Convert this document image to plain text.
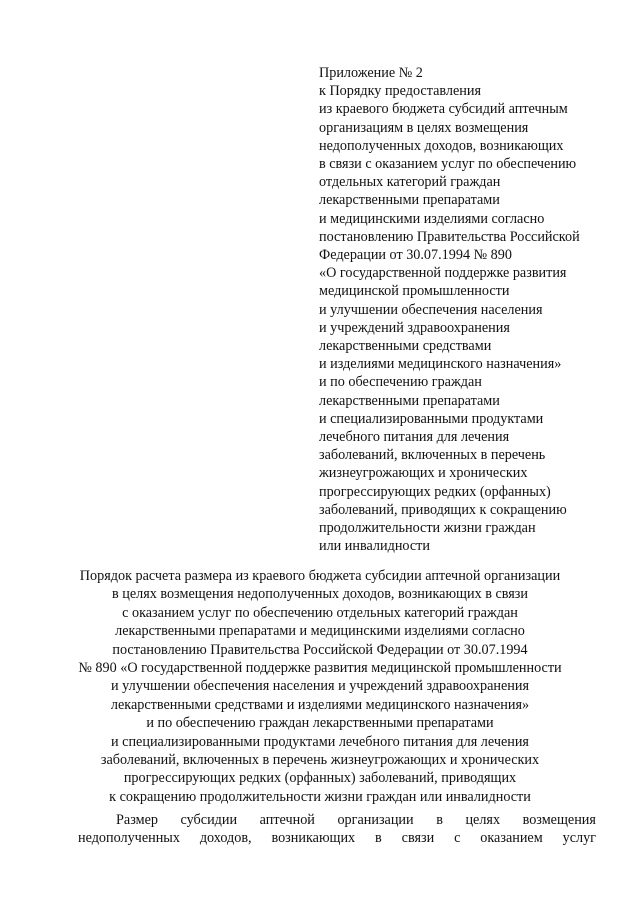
Приложение № 2
к Порядку предоставления
из краевого бюджета субсидий аптечным
организациям в целях возмещения
недополученных доходов, возникающих
в связи с оказанием услуг по обеспечению
отдельных категорий граждан
лекарственными препаратами
и медицинскими изделиями согласно
постановлению Правительства Российской
Федерации от 30.07.1994 № 890
«О государственной поддержке развития
медицинской промышленности
и улучшении обеспечения населения
и учреждений здравоохранения
лекарственными средствами
и изделиями медицинского назначения»
и по обеспечению граждан
лекарственными препаратами
и специализированными продуктами
лечебного питания для лечения
заболеваний, включенных в перечень
жизнеугрожающих и хронических
прогрессирующих редких (орфанных)
заболеваний, приводящих к сокращению
продолжительности жизни граждан
или инвалидности
Порядок расчета размера из краевого бюджета субсидии аптечной организации
в целях возмещения недополученных доходов, возникающих в связи
с оказанием услуг по обеспечению отдельных категорий граждан
лекарственными препаратами и медицинскими изделиями согласно
постановлению Правительства Российской Федерации от 30.07.1994
№ 890 «О государственной поддержке развития медицинской промышленности
и улучшении обеспечения населения и учреждений здравоохранения
лекарственными средствами и изделиями медицинского назначения»
и по обеспечению граждан лекарственными препаратами
и специализированными продуктами лечебного питания для лечения
заболеваний, включенных в перечень жизнеугрожающих и хронических
прогрессирующих редких (орфанных) заболеваний, приводящих
к сокращению продолжительности жизни граждан или инвалидности
Размер субсидии аптечной организации в целях возмещения
недополученных доходов, возникающих в связи с оказанием услуг
